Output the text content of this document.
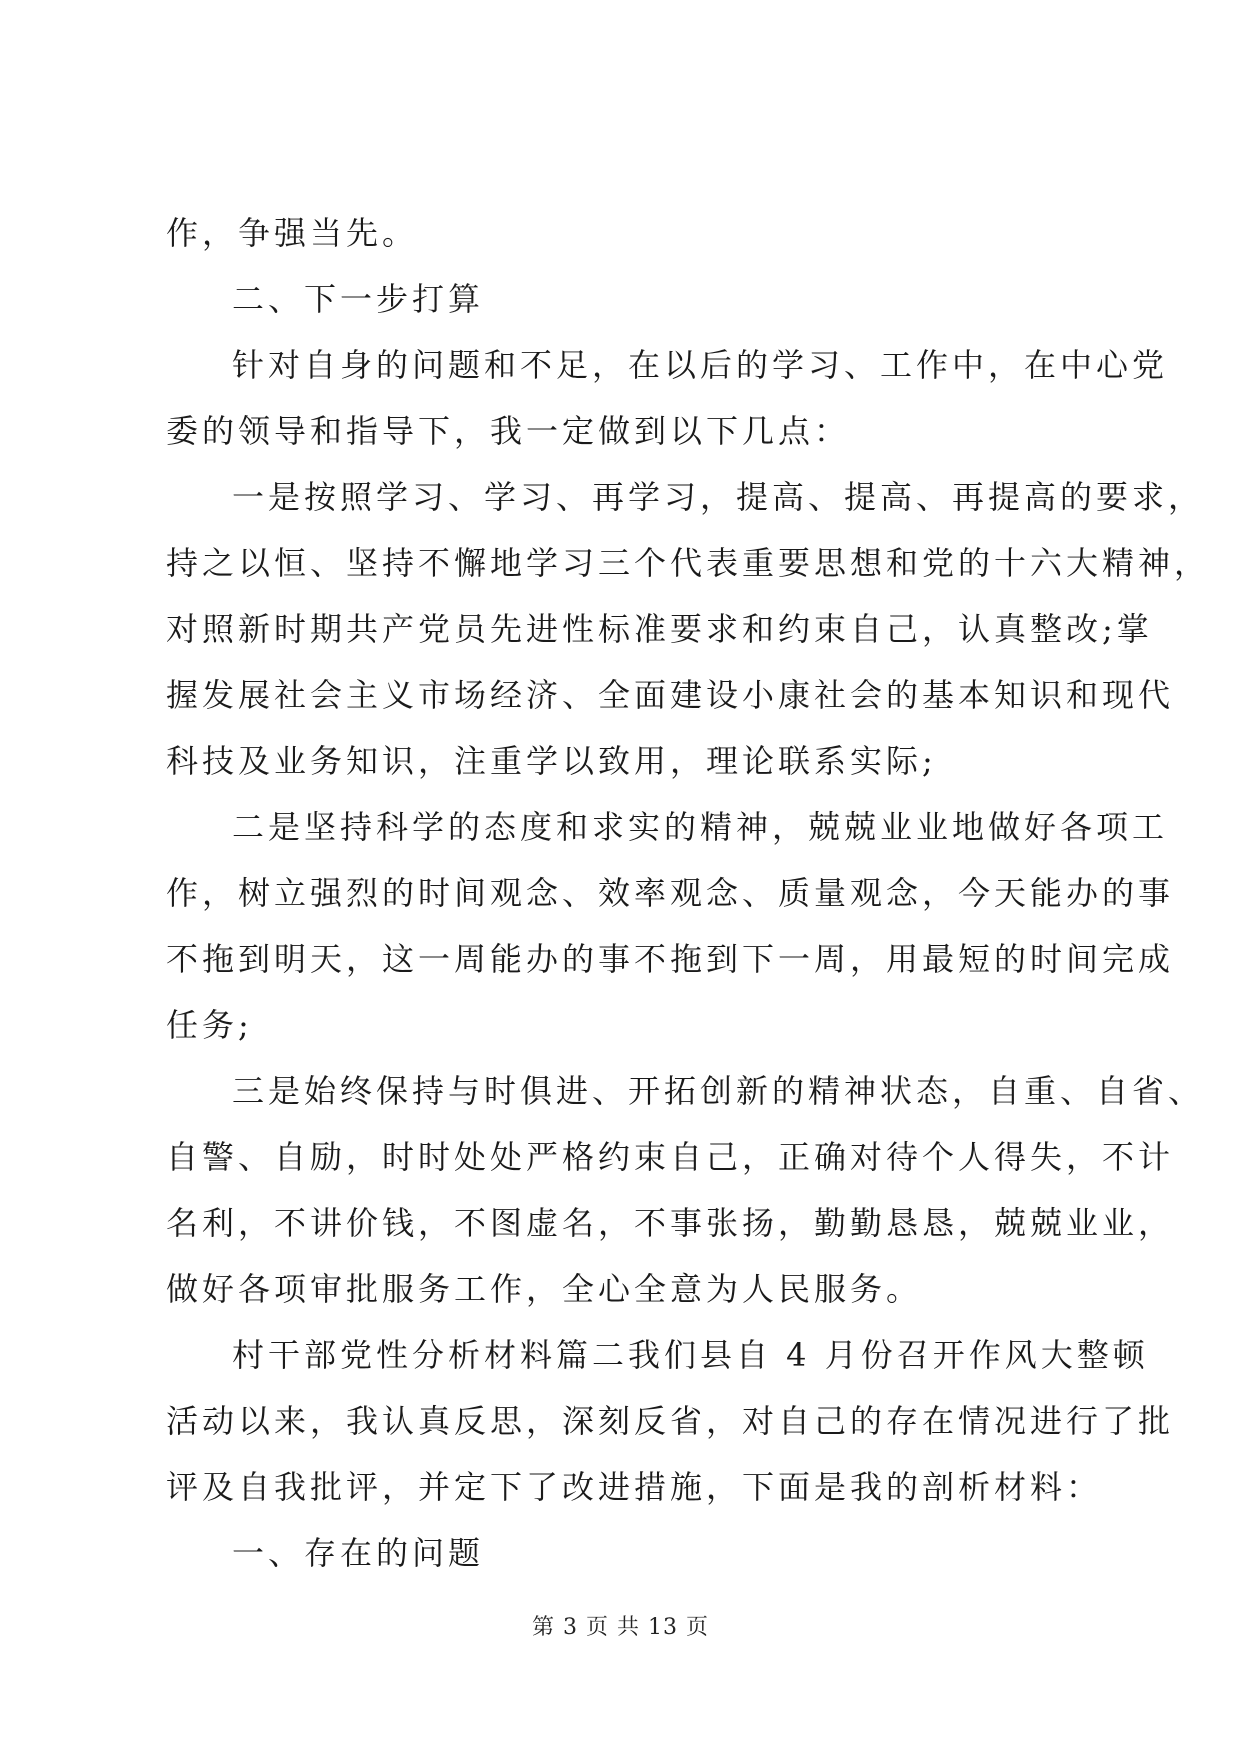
作，争强当先。
二、下一步打算
针对自身的问题和不足，在以后的学习、工作中，在中心党
委的领导和指导下，我一定做到以下几点：
一是按照学习、学习、再学习，提高、提高、再提高的要求，
持之以恒、坚持不懈地学习三个代表重要思想和党的十六大精神，
对照新时期共产党员先进性标准要求和约束自己，认真整改;掌
握发展社会主义市场经济、全面建设小康社会的基本知识和现代
科技及业务知识，注重学以致用，理论联系实际;
二是坚持科学的态度和求实的精神，兢兢业业地做好各项工
作，树立强烈的时间观念、效率观念、质量观念，今天能办的事
不拖到明天，这一周能办的事不拖到下一周，用最短的时间完成
任务;
三是始终保持与时俱进、开拓创新的精神状态，自重、自省、
自警、自励，时时处处严格约束自己，正确对待个人得失，不计
名利，不讲价钱，不图虚名，不事张扬，勤勤恳恳，兢兢业业，
做好各项审批服务工作，全心全意为人民服务。
村干部党性分析材料篇二我们县自 4 月份召开作风大整顿
活动以来，我认真反思，深刻反省，对自己的存在情况进行了批
评及自我批评，并定下了改进措施，下面是我的剖析材料：
一、存在的问题
第 3 页 共 13 页
